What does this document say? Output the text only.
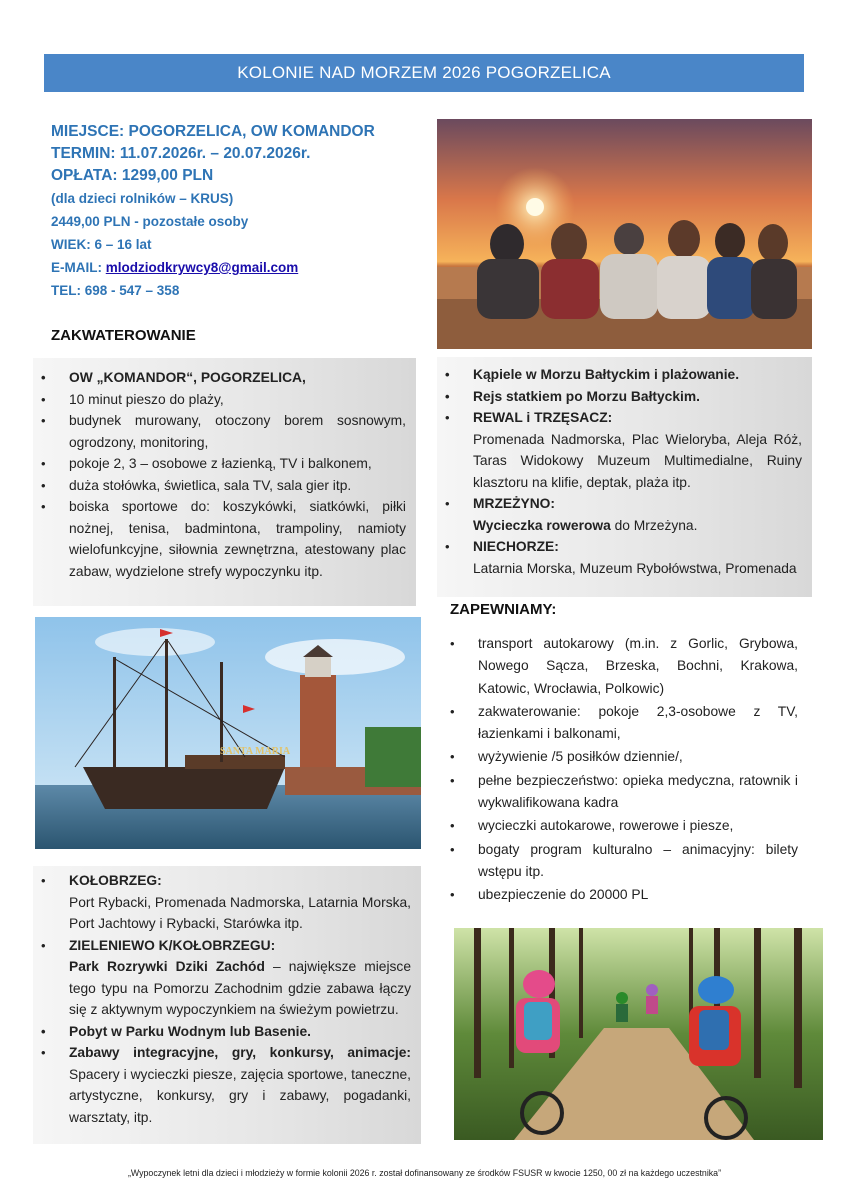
KOLONIE NAD MORZEM 2026 POGORZELICA
MIEJSCE: POGORZELICA, OW KOMANDOR
TERMIN: 11.07.2026r. – 20.07.2026r.
OPŁATA: 1299,00 PLN
(dla dzieci rolników – KRUS)
2449,00 PLN - pozostałe osoby
WIEK: 6 – 16 lat
E-MAIL: mlodziodkrywcy8@gmail.com
TEL: 698 - 547 – 358
ZAKWATEROWANIE
• OW „KOMANDOR“, POGORZELICA,
• 10 minut pieszo do plaży,
• budynek murowany, otoczony borem sosnowym, ogrodzony, monitoring,
• pokoje 2, 3 – osobowe z łazienką, TV i balkonem,
• duża stołówka, świetlica, sala TV, sala gier itp.
• boiska sportowe do: koszykówki, siatkówki, piłki nożnej, tenisa, badmintona, trampoliny, namioty wielofunkcyjne, siłownia zewnętrzna, atestowany plac zabaw, wydzielone strefy wypoczynku itp.
• Kąpiele w Morzu Bałtyckim i plażowanie.
• Rejs statkiem po Morzu Bałtyckim.
• REWAL i TRZĘSACZ:
Promenada Nadmorska, Plac Wieloryba, Aleja Róż, Taras Widokowy Muzeum Multimedialne, Ruiny klasztoru na klifie, deptak, plaża itp.
• MRZEŻYNO:
Wycieczka rowerowa do Mrzeżyna.
• NIECHORZE:
Latarnia Morska, Muzeum Rybołówstwa, Promenada
ZAPEWNIAMY:
• transport autokarowy (m.in. z Gorlic, Grybowa, Nowego Sącza, Brzeska, Bochni, Krakowa, Katowic, Wrocławia, Polkowic)
• zakwaterowanie: pokoje 2,3-osobowe z TV, łazienkami i balkonami,
• wyżywienie /5 posiłków dziennie/,
• pełne bezpieczeństwo: opieka medyczna, ratownik i wykwalifikowana kadra
• wycieczki autokarowe, rowerowe i piesze,
• bogaty program kulturalno – animacyjny: bilety wstępu itp.
• ubezpieczenie do 20000 PL
SANTA MARIA
• KOŁOBRZEG:
Port Rybacki, Promenada Nadmorska, Latarnia Morska, Port Jachtowy i Rybacki, Starówka itp.
• ZIELENIEWO K/KOŁOBRZEGU:
Park Rozrywki Dziki Zachód – największe miejsce tego typu na Pomorzu Zachodnim gdzie zabawa łączy się z aktywnym wypoczynkiem na świeżym powietrzu.
• Pobyt w Parku Wodnym lub Basenie.
• Zabawy integracyjne, gry, konkursy, animacje: Spacery i wycieczki piesze, zajęcia sportowe, taneczne, artystyczne, konkursy, gry i zabawy, pogadanki, warsztaty, itp.
„Wypoczynek letni dla dzieci i młodzieży w formie kolonii 2026 r. został dofinansowany ze środków FSUSR w kwocie 1250, 00 zł na każdego uczestnika”
